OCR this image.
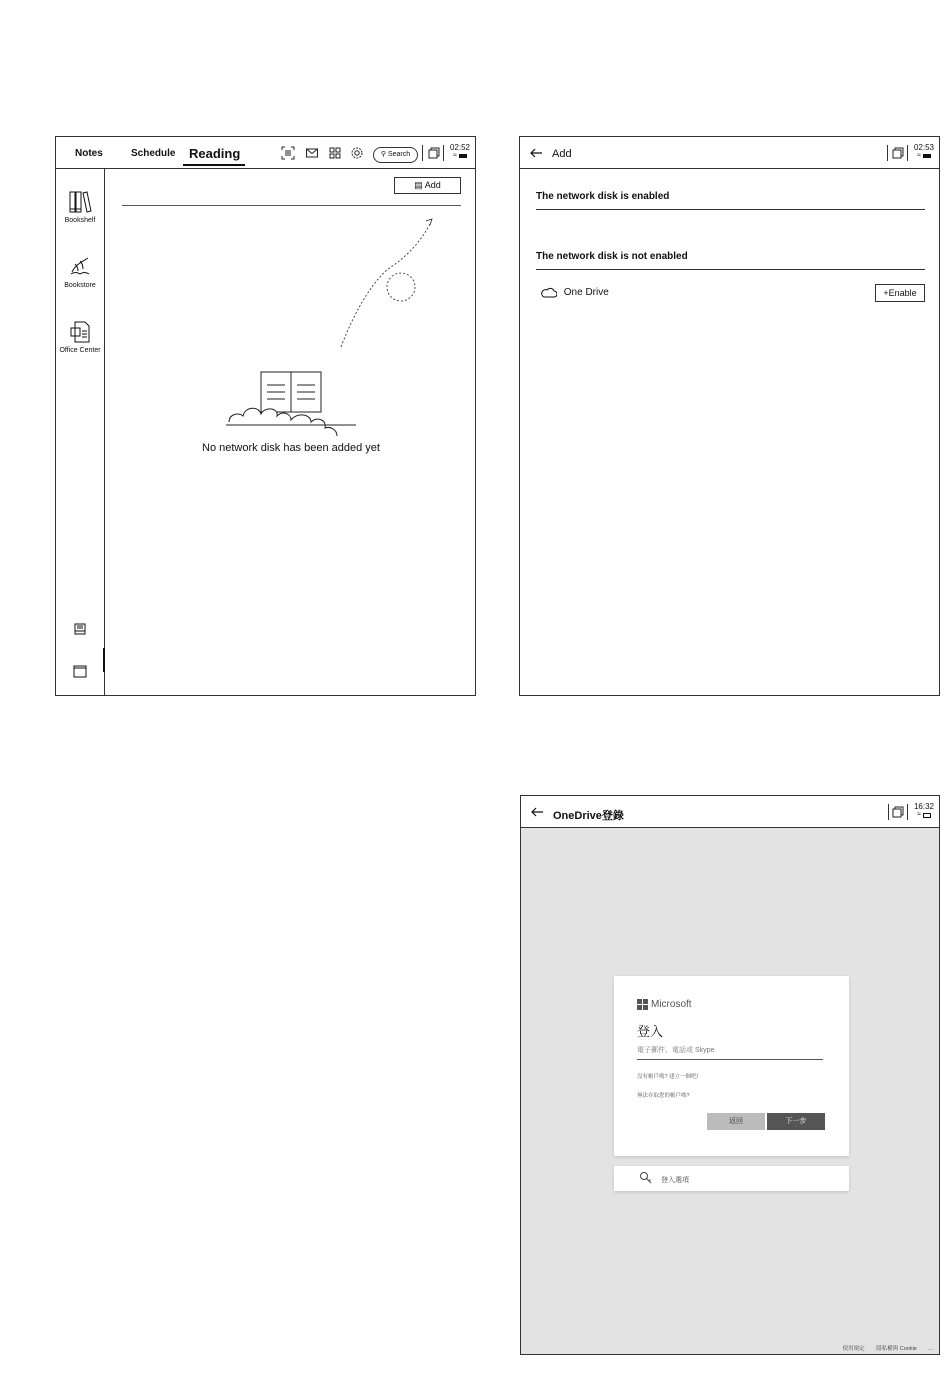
Notes	Schedule Reading	⚲ Search
02:52
≈
Bookshelf
Bookstore
Office Center
▤ Add
No network disk has been added yet
Add
02:53
≈
The network disk is enabled
The network disk is not enabled
One Drive	+Enable
OneDrive登錄
16:32
≈
Microsoft
登入
電子郵件、電話或 Skype
沒有帳戶嗎? 建立一個吧!
無法存取您的帳戶嗎?
返回	下一步
登入選項
使用規定 隱私權與 Cookie ...
